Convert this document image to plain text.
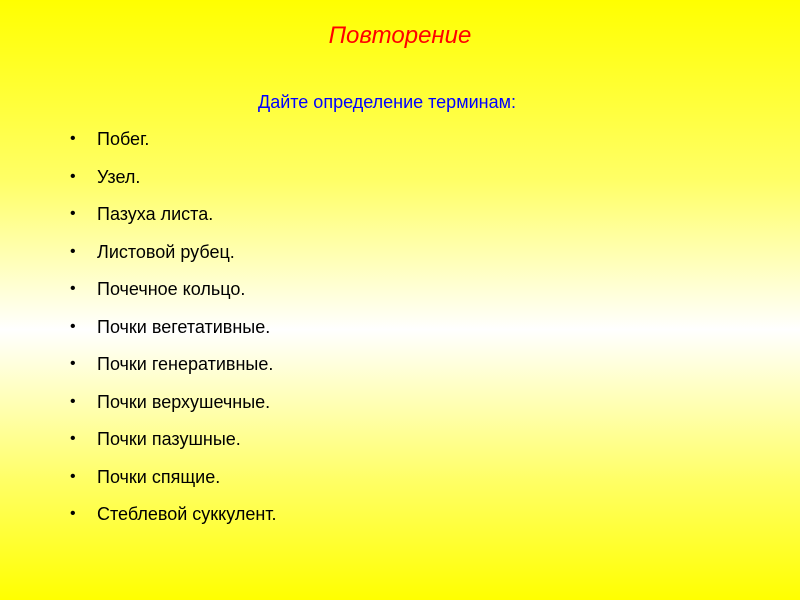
Повторение

Дайте определение терминам:

•	Побег.
•	Узел.
•	Пазуха листа.
•	Листовой рубец.
•	Почечное кольцо.
•	Почки вегетативные.
•	Почки генеративные.
•	Почки верхушечные.
•	Почки пазушные.
•	Почки спящие.
•	Стеблевой суккулент.
